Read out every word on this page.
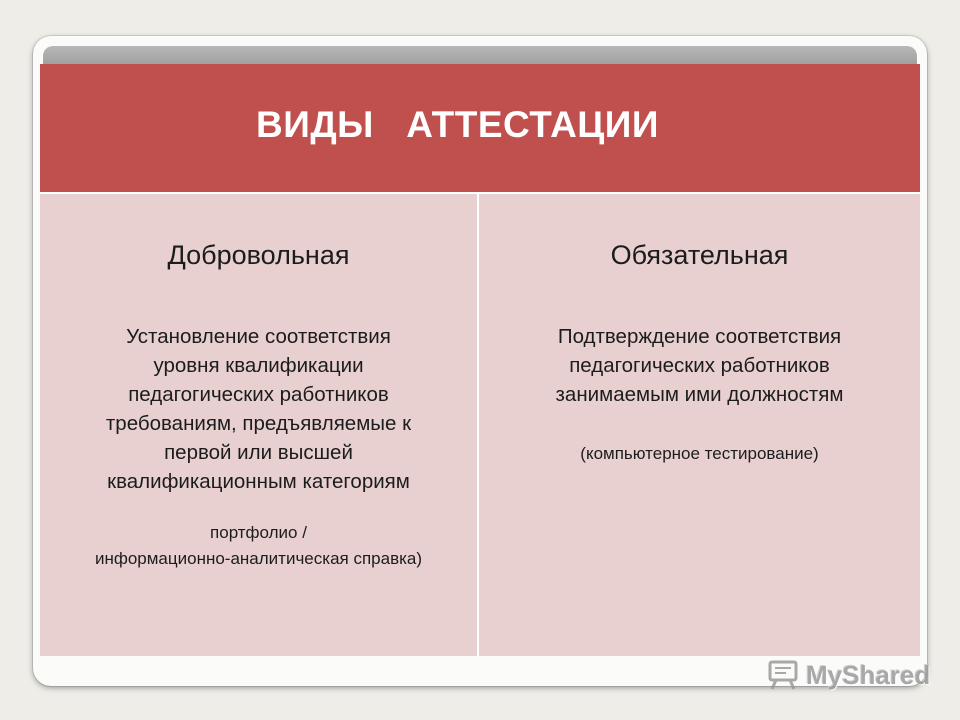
ВИДЫ   АТТЕСТАЦИИ
Добровольная
Установление соответствия
уровня квалификации
педагогических работников
требованиям, предъявляемые к
первой или высшей
квалификационным категориям
портфолио /
информационно-аналитическая справка)
Обязательная
Подтверждение соответствия
педагогических работников
занимаемым ими должностям
(компьютерное тестирование)
MyShared
